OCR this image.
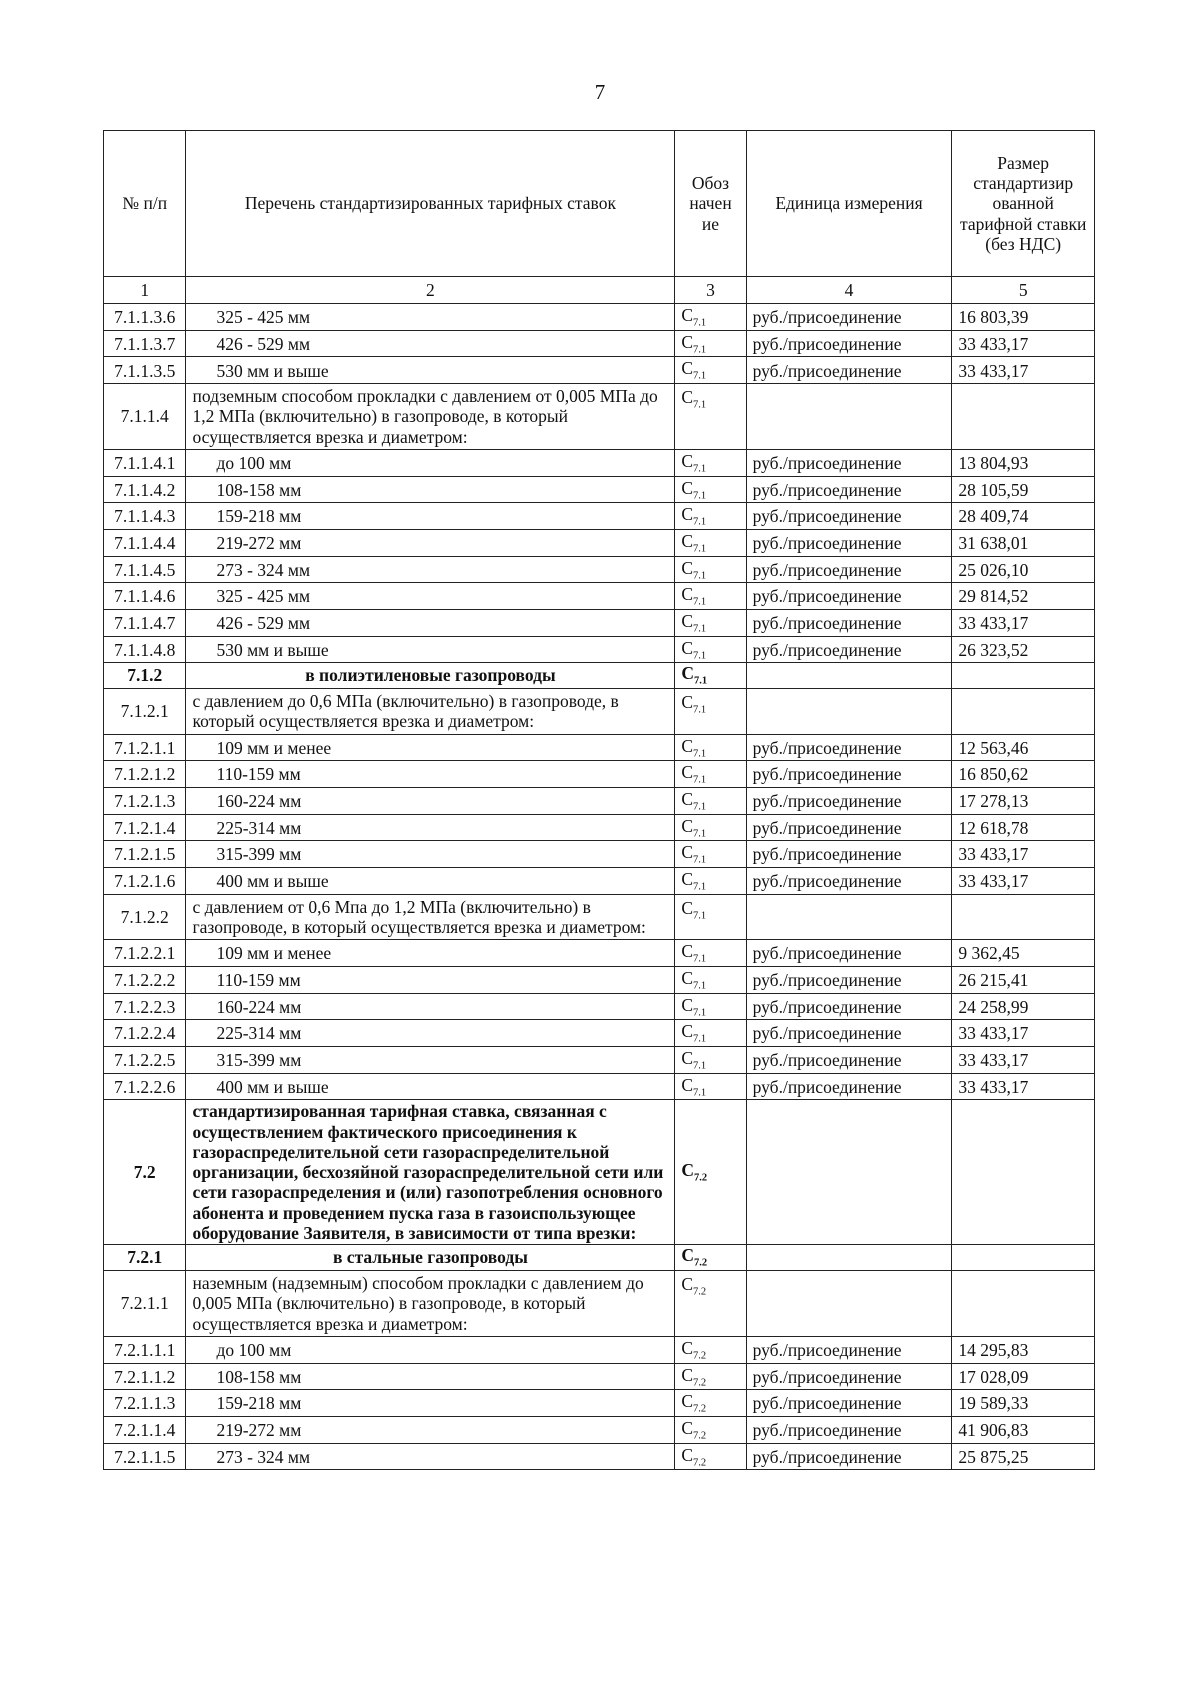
7
№ п/п	Перечень стандартизированных тарифных ставок	Обоз начен ие	Единица измерения	Размер стандартизир ованной тарифной ставки (без НДС)
1	2	3	4	5
7.1.1.3.6	325 - 425 мм	$С_{7.1}$	руб./присоединение	16 803,39
7.1.1.3.7	426 - 529 мм	$С_{7.1}$	руб./присоединение	33 433,17
7.1.1.3.5	530 мм и выше	$С_{7.1}$	руб./присоединение	33 433,17
7.1.1.4	подземным способом прокладки с давлением от 0,005 МПа до 1,2 МПа (включительно) в газопроводе, в который осуществляется врезка и диаметром:	$С_{7.1}$		
7.1.1.4.1	до 100 мм	$С_{7.1}$	руб./присоединение	13 804,93
7.1.1.4.2	108-158 мм	$С_{7.1}$	руб./присоединение	28 105,59
7.1.1.4.3	159-218 мм	$С_{7.1}$	руб./присоединение	28 409,74
7.1.1.4.4	219-272 мм	$С_{7.1}$	руб./присоединение	31 638,01
7.1.1.4.5	273 - 324 мм	$С_{7.1}$	руб./присоединение	25 026,10
7.1.1.4.6	325 - 425 мм	$С_{7.1}$	руб./присоединение	29 814,52
7.1.1.4.7	426 - 529 мм	$С_{7.1}$	руб./присоединение	33 433,17
7.1.1.4.8	530 мм и выше	$С_{7.1}$	руб./присоединение	26 323,52
7.1.2	в полиэтиленовые газопроводы	$С_{7.1}$		
7.1.2.1	с давлением до 0,6 МПа (включительно) в газопроводе, в который осуществляется врезка и диаметром:	$С_{7.1}$		
7.1.2.1.1	109 мм и менее	$С_{7.1}$	руб./присоединение	12 563,46
7.1.2.1.2	110-159 мм	$С_{7.1}$	руб./присоединение	16 850,62
7.1.2.1.3	160-224 мм	$С_{7.1}$	руб./присоединение	17 278,13
7.1.2.1.4	225-314 мм	$С_{7.1}$	руб./присоединение	12 618,78
7.1.2.1.5	315-399 мм	$С_{7.1}$	руб./присоединение	33 433,17
7.1.2.1.6	400 мм и выше	$С_{7.1}$	руб./присоединение	33 433,17
7.1.2.2	с давлением от 0,6 Мпа до 1,2 МПа (включительно) в газопроводе, в который осуществляется врезка и диаметром:	$С_{7.1}$		
7.1.2.2.1	109 мм и менее	$С_{7.1}$	руб./присоединение	9 362,45
7.1.2.2.2	110-159 мм	$С_{7.1}$	руб./присоединение	26 215,41
7.1.2.2.3	160-224 мм	$С_{7.1}$	руб./присоединение	24 258,99
7.1.2.2.4	225-314 мм	$С_{7.1}$	руб./присоединение	33 433,17
7.1.2.2.5	315-399 мм	$С_{7.1}$	руб./присоединение	33 433,17
7.1.2.2.6	400 мм и выше	$С_{7.1}$	руб./присоединение	33 433,17
7.2	стандартизированная тарифная ставка, связанная с осуществлением фактического присоединения к газораспределительной сети газораспределительной организации, бесхозяйной газораспределительной сети или сети газораспределения и (или) газопотребления основного абонента и проведением пуска газа в газоиспользующее оборудование Заявителя, в зависимости от типа врезки:	$С_{7.2}$		
7.2.1	в стальные газопроводы	$С_{7.2}$		
7.2.1.1	наземным (надземным) способом прокладки с давлением до 0,005 МПа (включительно) в газопроводе, в который осуществляется врезка и диаметром:	$С_{7.2}$		
7.2.1.1.1	до 100 мм	$С_{7.2}$	руб./присоединение	14 295,83
7.2.1.1.2	108-158 мм	$С_{7.2}$	руб./присоединение	17 028,09
7.2.1.1.3	159-218 мм	$С_{7.2}$	руб./присоединение	19 589,33
7.2.1.1.4	219-272 мм	$С_{7.2}$	руб./присоединение	41 906,83
7.2.1.1.5	273 - 324 мм	$С_{7.2}$	руб./присоединение	25 875,25
